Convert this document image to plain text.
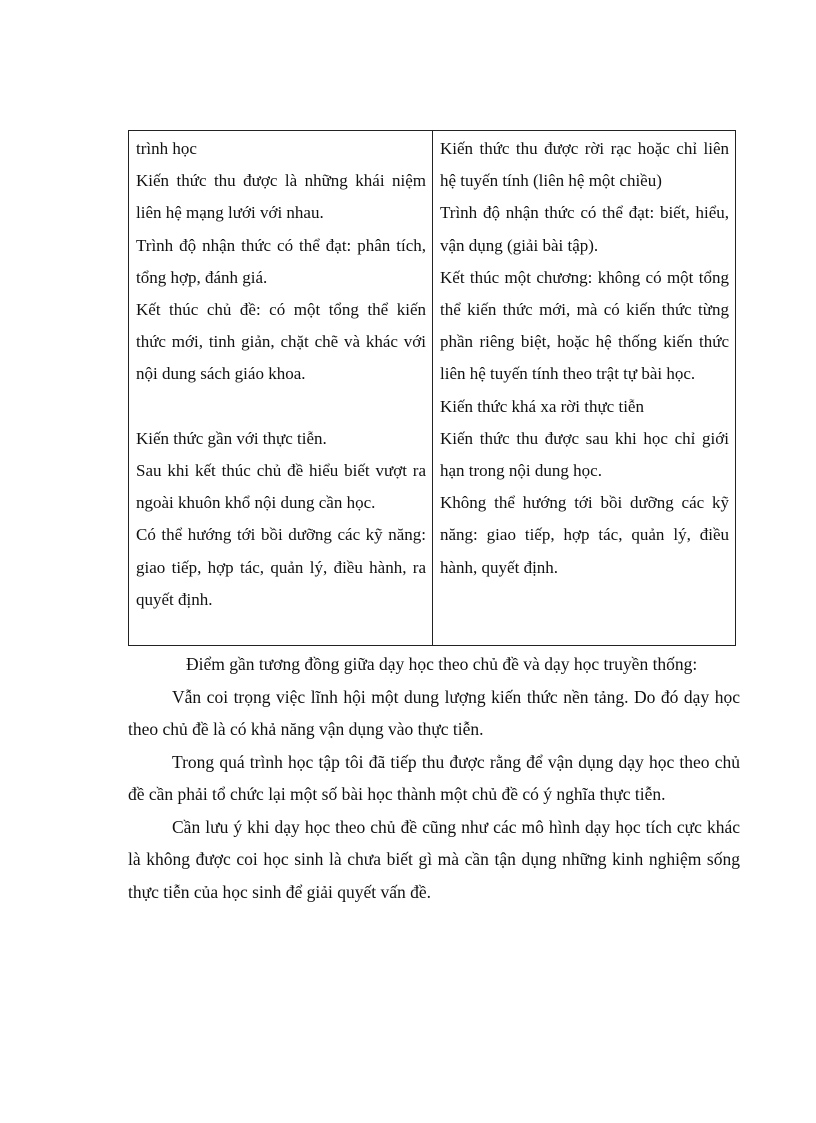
trình học
Kiến thức thu được là những khái niệm liên hệ mạng lưới với nhau.
Trình độ nhận thức có thể đạt: phân tích, tổng hợp, đánh giá.
Kết thúc chủ đề: có một tổng thể kiến thức mới, tinh giản, chặt chẽ và khác với nội dung sách giáo khoa.
Kiến thức gần với thực tiễn.
Sau khi kết thúc chủ đề hiểu biết vượt ra ngoài khuôn khổ nội dung cần học.
Có thể hướng tới bồi dưỡng các kỹ năng: giao tiếp, hợp tác, quản lý, điều hành, ra quyết định.
Kiến thức thu được rời rạc hoặc chỉ liên hệ tuyến tính (liên hệ một chiều)
Trình độ nhận thức có thể đạt: biết, hiểu, vận dụng (giải bài tập).
Kết thúc một chương: không có một tổng thể kiến thức mới, mà có kiến thức từng phần riêng biệt, hoặc hệ thống kiến thức liên hệ tuyến tính theo trật tự bài học.
Kiến thức khá xa rời thực tiễn
Kiến thức thu được sau khi học chỉ giới hạn trong nội dung học.
Không thể hướng tới bồi dưỡng các kỹ năng: giao tiếp, hợp tác, quản lý, điều hành, quyết định.

Điểm gần tương đồng giữa dạy học theo chủ đề và dạy học truyền thống:

Vẫn coi trọng việc lĩnh hội một dung lượng kiến thức nền tảng. Do đó dạy học theo chủ đề là có khả năng vận dụng vào thực tiễn.

Trong quá trình học tập tôi đã tiếp thu được rằng để vận dụng dạy học theo chủ đề cần phải tổ chức lại một số bài học thành một chủ đề có ý nghĩa thực tiễn.

Cần lưu ý khi dạy học theo chủ đề cũng như các mô hình dạy học tích cực khác là không được coi học sinh là chưa biết gì mà cần tận dụng những kinh nghiệm sống thực tiễn của học sinh để giải quyết vấn đề.
